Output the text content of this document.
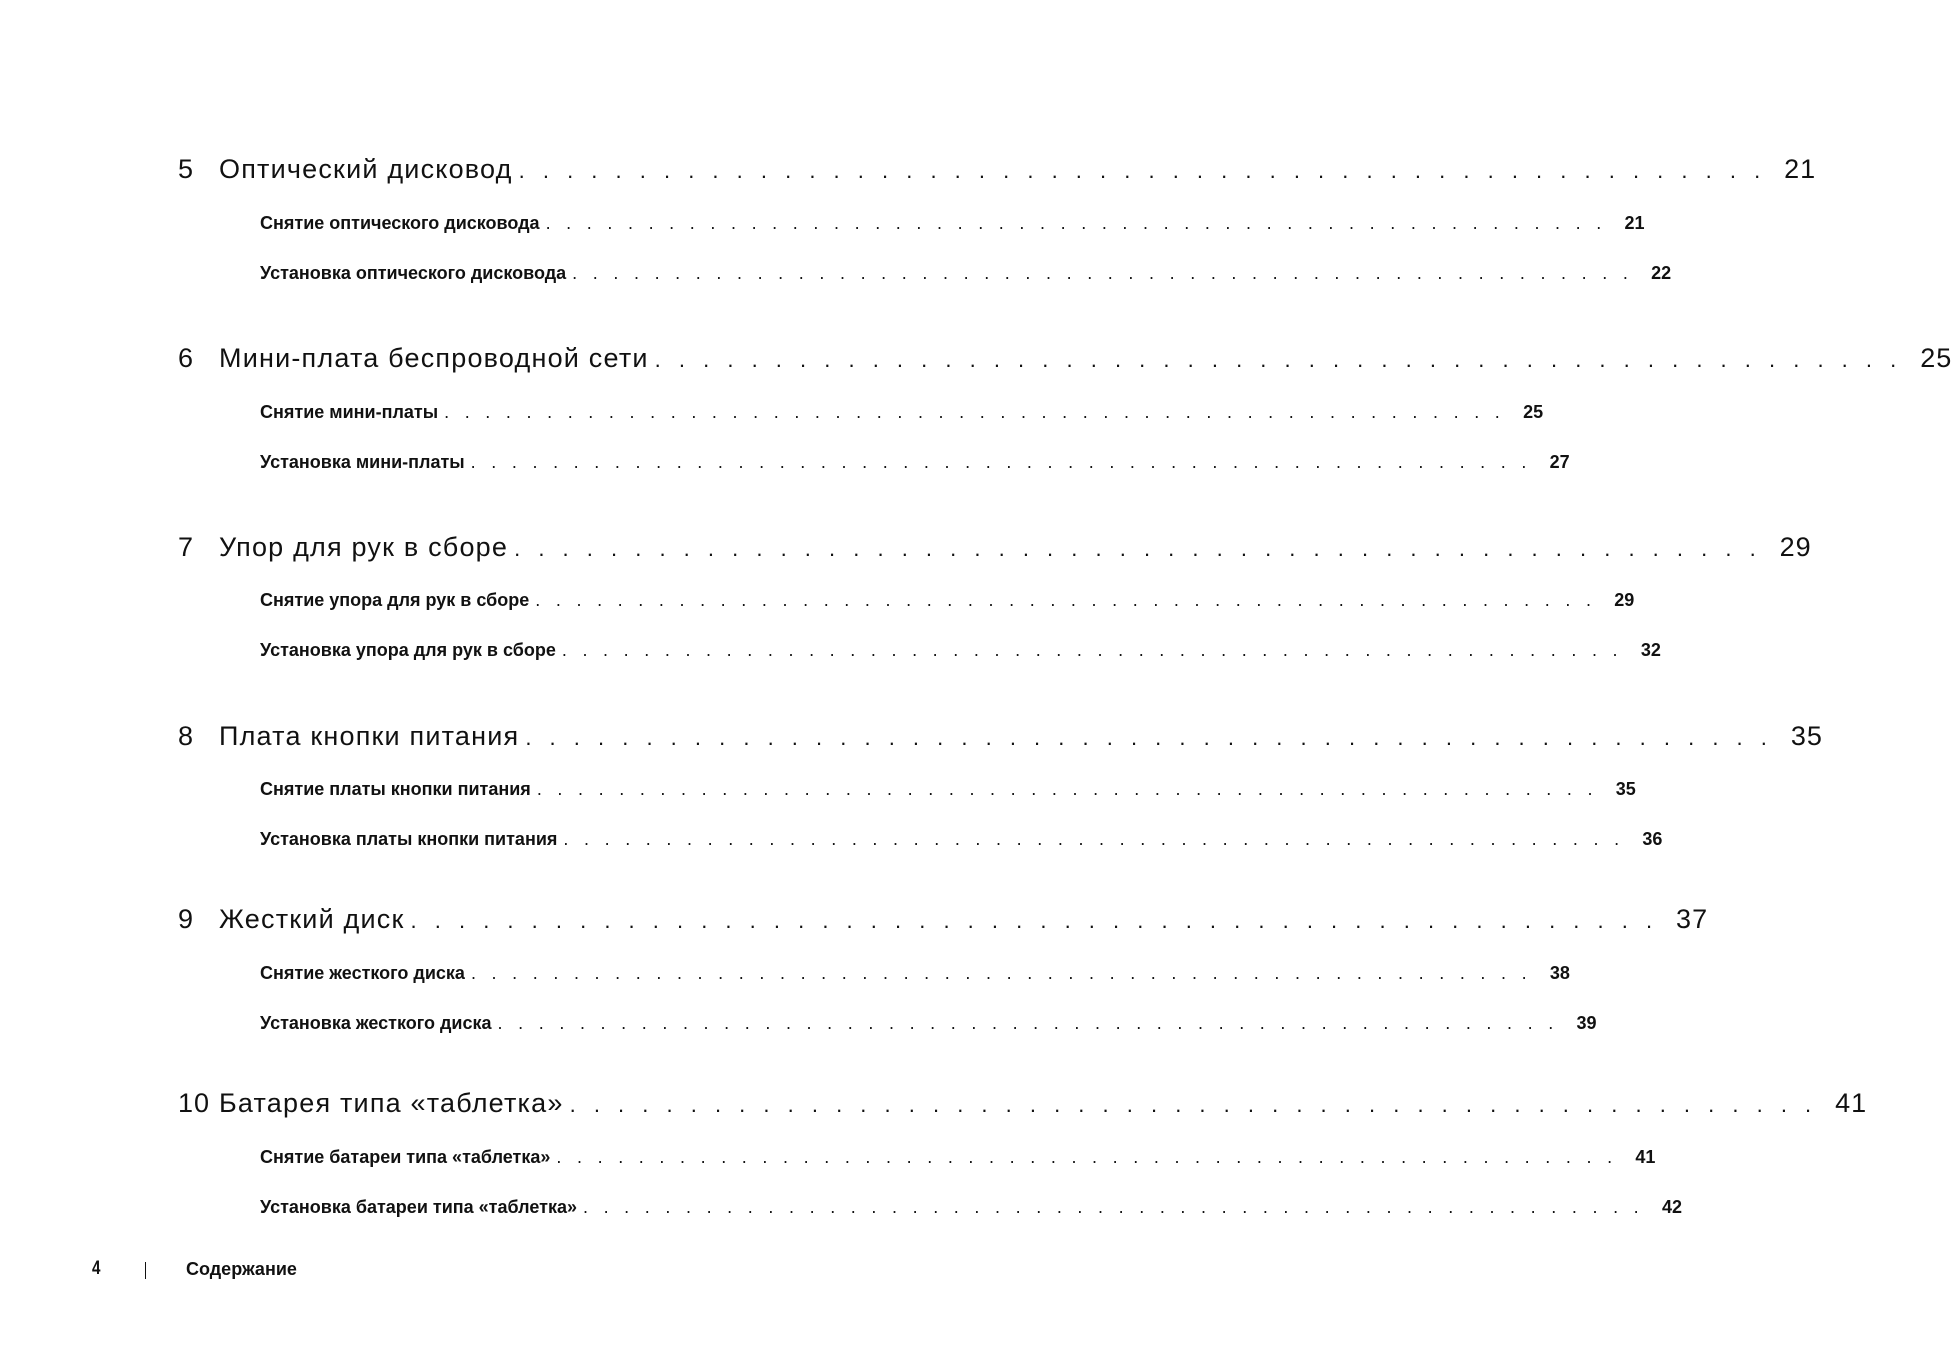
5 Оптический дисковод . . . . . . . . . . . . . . . . . . . . . . . . . . . . . . . . . . . . . . . . . . . . . . . . . . . . 21
Снятие оптического дисковода . . . . . . . . . . . . . . . . . . . . . . . . . . . . . . . . . . . . . . . . . . . . . . . . . . . . 21
Установка оптического дисковода . . . . . . . . . . . . . . . . . . . . . . . . . . . . . . . . . . . . . . . . . . . . . . . . . . . . 22
6 Мини-плата беспроводной сети . . . . . . . . . . . . . . . . . . . . . . . . . . . . . . . . . . . . . . . . . . . . . . . . . . . . 25
Снятие мини-платы . . . . . . . . . . . . . . . . . . . . . . . . . . . . . . . . . . . . . . . . . . . . . . . . . . . . 25
Установка мини-платы . . . . . . . . . . . . . . . . . . . . . . . . . . . . . . . . . . . . . . . . . . . . . . . . . . . . 27
7 Упор для рук в сборе . . . . . . . . . . . . . . . . . . . . . . . . . . . . . . . . . . . . . . . . . . . . . . . . . . . . 29
Снятие упора для рук в сборе . . . . . . . . . . . . . . . . . . . . . . . . . . . . . . . . . . . . . . . . . . . . . . . . . . . . 29
Установка упора для рук в сборе . . . . . . . . . . . . . . . . . . . . . . . . . . . . . . . . . . . . . . . . . . . . . . . . . . . . 32
8 Плата кнопки питания . . . . . . . . . . . . . . . . . . . . . . . . . . . . . . . . . . . . . . . . . . . . . . . . . . . . 35
Снятие платы кнопки питания . . . . . . . . . . . . . . . . . . . . . . . . . . . . . . . . . . . . . . . . . . . . . . . . . . . . 35
Установка платы кнопки питания . . . . . . . . . . . . . . . . . . . . . . . . . . . . . . . . . . . . . . . . . . . . . . . . . . . . 36
9 Жесткий диск . . . . . . . . . . . . . . . . . . . . . . . . . . . . . . . . . . . . . . . . . . . . . . . . . . . . 37
Снятие жесткого диска . . . . . . . . . . . . . . . . . . . . . . . . . . . . . . . . . . . . . . . . . . . . . . . . . . . . 38
Установка жесткого диска . . . . . . . . . . . . . . . . . . . . . . . . . . . . . . . . . . . . . . . . . . . . . . . . . . . . 39
10 Батарея типа «таблетка» . . . . . . . . . . . . . . . . . . . . . . . . . . . . . . . . . . . . . . . . . . . . . . . . . . . . 41
Снятие батареи типа «таблетка» . . . . . . . . . . . . . . . . . . . . . . . . . . . . . . . . . . . . . . . . . . . . . . . . . . . . 41
Установка батареи типа «таблетка» . . . . . . . . . . . . . . . . . . . . . . . . . . . . . . . . . . . . . . . . . . . . . . . . . . . . 42
4	Содержание
